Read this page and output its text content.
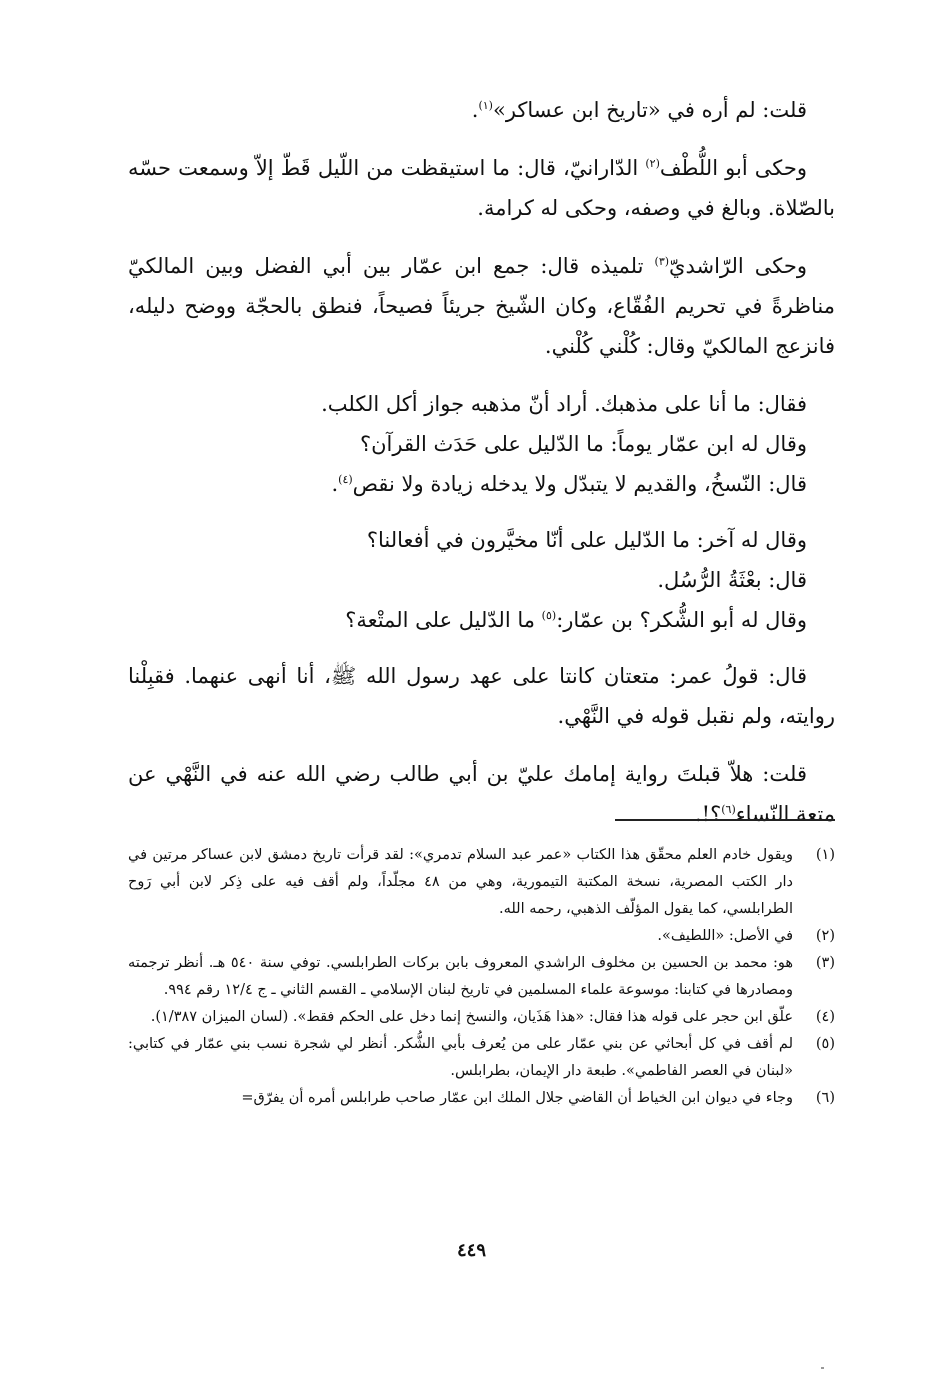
قلت: لم أره في «تاريخ ابن عساكر»$^{(١)}$.

وحكى أبو اللُّطْف$^{(٢)}$ الدّارانيّ، قال: ما استيقظت من اللّيل قَطّ إلاّ وسمعت حسّه بالصّلاة. وبالغ في وصفه، وحكى له كرامة.

وحكى الرّاشديّ$^{(٣)}$ تلميذه قال: جمع ابن عمّار بين أبي الفضل وبين المالكيّ مناظرةً في تحريم الفُقّاع، وكان الشّيخ جريئاً فصيحاً، فنطق بالحجّة ووضح دليله، فانزعج المالكيّ وقال: كُلْني كُلْني.

فقال: ما أنا على مذهبك. أراد أنّ مذهبه جواز أكل الكلب.
وقال له ابن عمّار يوماً: ما الدّليل على حَدَث القرآن؟
قال: النّسخُ، والقديم لا يتبدّل ولا يدخله زيادة ولا نقص$^{(٤)}$.
وقال له آخر: ما الدّليل على أنّا مخيَّرون في أفعالنا؟
قال: بعْثَةُ الرُّسُل.
وقال له أبو الشُّكر؟ بن عمّار:$^{(٥)}$ ما الدّليل على المتْعة؟

قال: قولُ عمر: متعتان كانتا على عهد رسول الله ﷺ، أنا أنهى عنهما. فقبِلْنا روايته، ولم نقبل قوله في النَّهْي.

قلت: هلاّ قبلتَ رواية إمامك عليّ بن أبي طالب رضي الله عنه في النَّهْي عن متعة النّساء$^{(٦)}$؟!.

(١)
ويقول خادم العلم محقّق هذا الكتاب «عمر عبد السلام تدمري»: لقد قرأت تاريخ دمشق لابن عساكر مرتين في دار الكتب المصرية، نسخة المكتبة التيمورية، وهي من ٤٨ مجلّداً، ولم أقف فيه على ذِكر لابن أبي رَوح الطرابلسي، كما يقول المؤلّف الذهبي، رحمه الله.
(٢)
في الأصل: «اللطيف».
(٣)
هو: محمد بن الحسين بن مخلوف الراشدي المعروف بابن بركات الطرابلسي. توفي سنة ٥٤٠ هـ. أنظر ترجمته ومصادرها في كتابنا: موسوعة علماء المسلمين في تاريخ لبنان الإسلامي ـ القسم الثاني ـ ج ١٢/٤ رقم ٩٩٤.
(٤)
علّق ابن حجر على قوله هذا فقال: «هذا هَذَيان، والنسخ إنما دخل على الحكم فقط». (لسان الميزان ١/٣٨٧).
(٥)
لم أقف في كل أبحاثي عن بني عمّار على من يُعرف بأبي الشُّكر. أنظر لي شجرة نسب بني عمّار في كتابي: «لبنان في العصر الفاطمي». طبعة دار الإيمان، بطرابلس.
(٦)
وجاء في ديوان ابن الخياط أن القاضي جلال الملك ابن عمّار صاحب طرابلس أمره أن يفرّق=
٤٤٩
